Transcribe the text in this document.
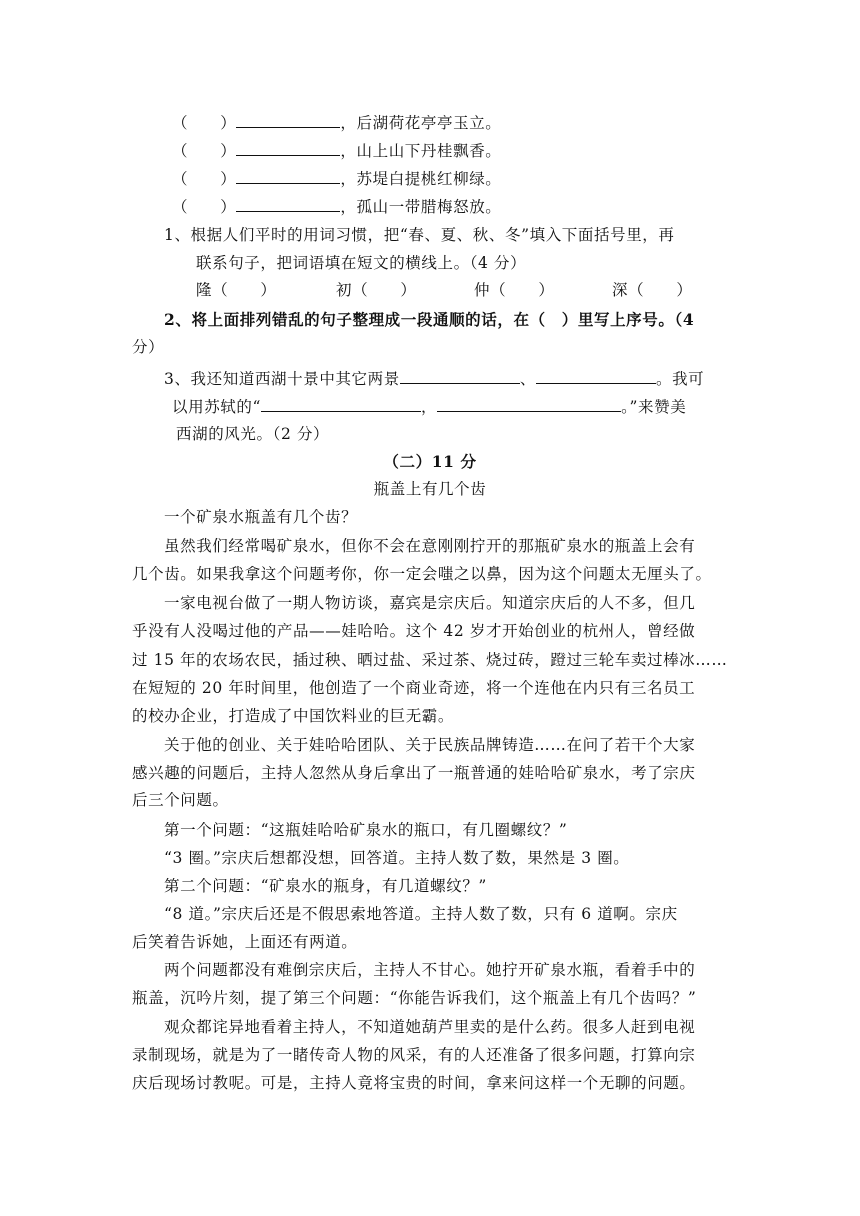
（　　）	，后湖荷花亭亭玉立。
（　　）	，山上山下丹桂飘香。
（　　）	，苏堤白提桃红柳绿。
（　　）	，孤山一带腊梅怒放。
1、根据人们平时的用词习惯，把“春、夏、秋、冬”填入下面括号里，再
联系句子，把词语填在短文的横线上。（4 分）
隆（　　）	初（　　）	仲（　　）	深（　　）
2、将上面排列错乱的句子整理成一段通顺的话，在（　）里写上序号。（4
分）
3、我还知道西湖十景中其它两景	、	。我可
以用苏轼的“	，	。”来赞美
西湖的风光。（2 分）
（二）11 分
瓶盖上有几个齿
一个矿泉水瓶盖有几个齿？
虽然我们经常喝矿泉水，但你不会在意刚刚拧开的那瓶矿泉水的瓶盖上会有
几个齿。如果我拿这个问题考你，你一定会嗤之以鼻，因为这个问题太无厘头了。
一家电视台做了一期人物访谈，嘉宾是宗庆后。知道宗庆后的人不多，但几
乎没有人没喝过他的产品——娃哈哈。这个 42 岁才开始创业的杭州人，曾经做
过 15 年的农场农民，插过秧、晒过盐、采过茶、烧过砖，蹬过三轮车卖过棒冰……
在短短的 20 年时间里，他创造了一个商业奇迹，将一个连他在内只有三名员工
的校办企业，打造成了中国饮料业的巨无霸。
关于他的创业、关于娃哈哈团队、关于民族品牌铸造……在问了若干个大家
感兴趣的问题后，主持人忽然从身后拿出了一瓶普通的娃哈哈矿泉水，考了宗庆
后三个问题。
第一个问题：“这瓶娃哈哈矿泉水的瓶口，有几圈螺纹？”
“3 圈。”宗庆后想都没想，回答道。主持人数了数，果然是 3 圈。
第二个问题：“矿泉水的瓶身，有几道螺纹？”
“8 道。”宗庆后还是不假思索地答道。主持人数了数，只有 6 道啊。宗庆
后笑着告诉她，上面还有两道。
两个问题都没有难倒宗庆后，主持人不甘心。她拧开矿泉水瓶，看着手中的
瓶盖，沉吟片刻，提了第三个问题：“你能告诉我们，这个瓶盖上有几个齿吗？”
观众都诧异地看着主持人，不知道她葫芦里卖的是什么药。很多人赶到电视
录制现场，就是为了一睹传奇人物的风采，有的人还准备了很多问题，打算向宗
庆后现场讨教呢。可是，主持人竟将宝贵的时间，拿来问这样一个无聊的问题。
